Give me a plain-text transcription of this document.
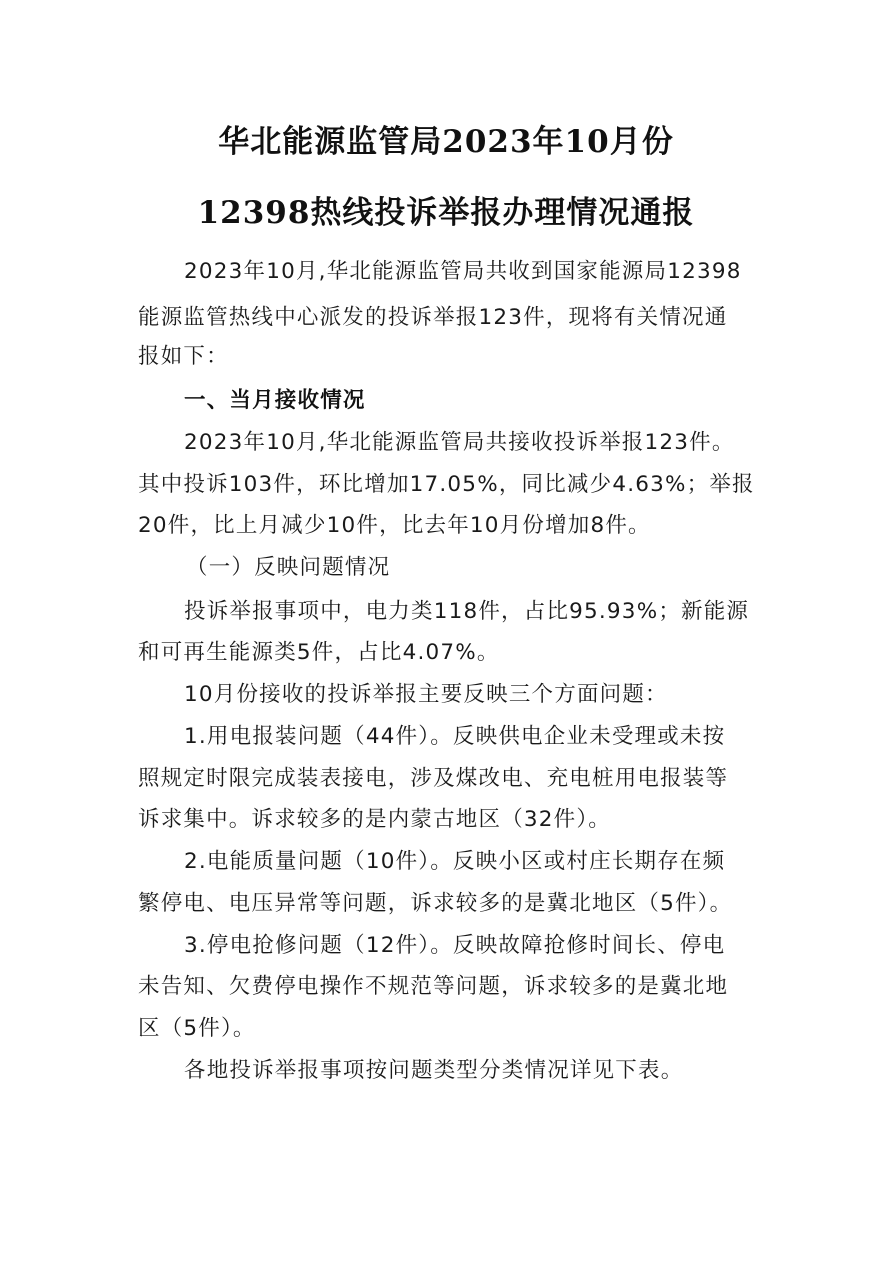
华北能源监管局2023年10月份
12398热线投诉举报办理情况通报
2023年10月,华北能源监管局共收到国家能源局12398
能源监管热线中心派发的投诉举报123件，现将有关情况通
报如下：
一、当月接收情况
2023年10月,华北能源监管局共接收投诉举报123件。
其中投诉103件，环比增加17.05%，同比减少4.63%；举报
20件，比上月减少10件，比去年10月份增加8件。
（一）反映问题情况
投诉举报事项中，电力类118件，占比95.93%；新能源
和可再生能源类5件，占比4.07%。
10月份接收的投诉举报主要反映三个方面问题：
1.用电报装问题（44件）。反映供电企业未受理或未按
照规定时限完成装表接电，涉及煤改电、充电桩用电报装等
诉求集中。诉求较多的是内蒙古地区（32件）。
2.电能质量问题（10件）。反映小区或村庄长期存在频
繁停电、电压异常等问题，诉求较多的是冀北地区（5件）。
3.停电抢修问题（12件）。反映故障抢修时间长、停电
未告知、欠费停电操作不规范等问题，诉求较多的是冀北地
区（5件）。
各地投诉举报事项按问题类型分类情况详见下表。
